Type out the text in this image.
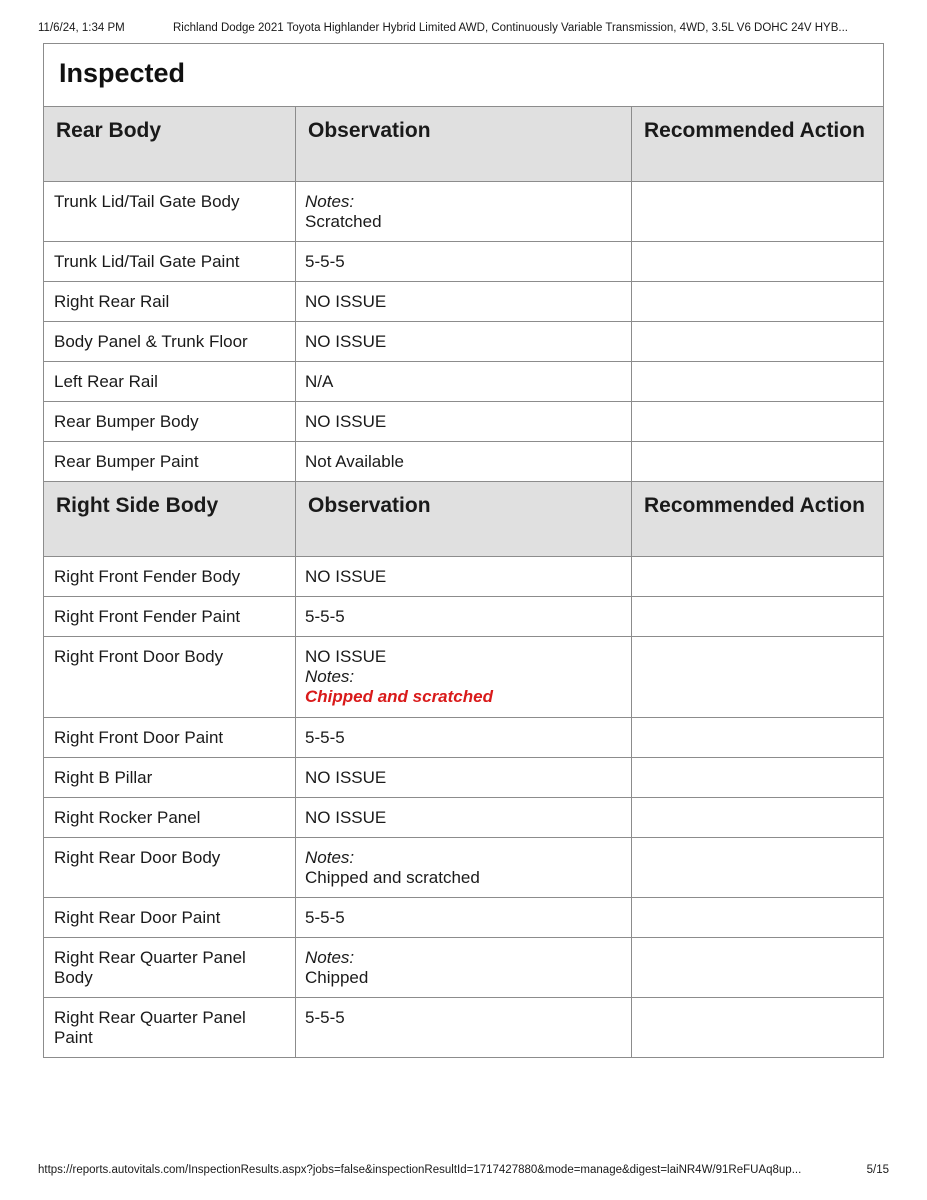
11/6/24, 1:34 PM	Richland Dodge 2021 Toyota Highlander Hybrid Limited AWD, Continuously Variable Transmission, 4WD, 3.5L V6 DOHC 24V HYB...
Inspected		
Rear Body	Observation	Recommended Action
Trunk Lid/Tail Gate Body	Notes:
Scratched	
Trunk Lid/Tail Gate Paint	5-5-5	
Right Rear Rail	NO ISSUE	
Body Panel & Trunk Floor	NO ISSUE	
Left Rear Rail	N/A	
Rear Bumper Body	NO ISSUE	
Rear Bumper Paint	Not Available	
Right Side Body	Observation	Recommended Action
Right Front Fender Body	NO ISSUE	
Right Front Fender Paint	5-5-5	
Right Front Door Body	NO ISSUE
Notes:
Chipped and scratched	
Right Front Door Paint	5-5-5	
Right B Pillar	NO ISSUE	
Right Rocker Panel	NO ISSUE	
Right Rear Door Body	Notes:
Chipped and scratched	
Right Rear Door Paint	5-5-5	
Right Rear Quarter Panel Body	Notes:
Chipped	
Right Rear Quarter Panel Paint	5-5-5	
https://reports.autovitals.com/InspectionResults.aspx?jobs=false&inspectionResultId=1717427880&mode=manage&digest=laiNR4W/91ReFUAq8up...	5/15
